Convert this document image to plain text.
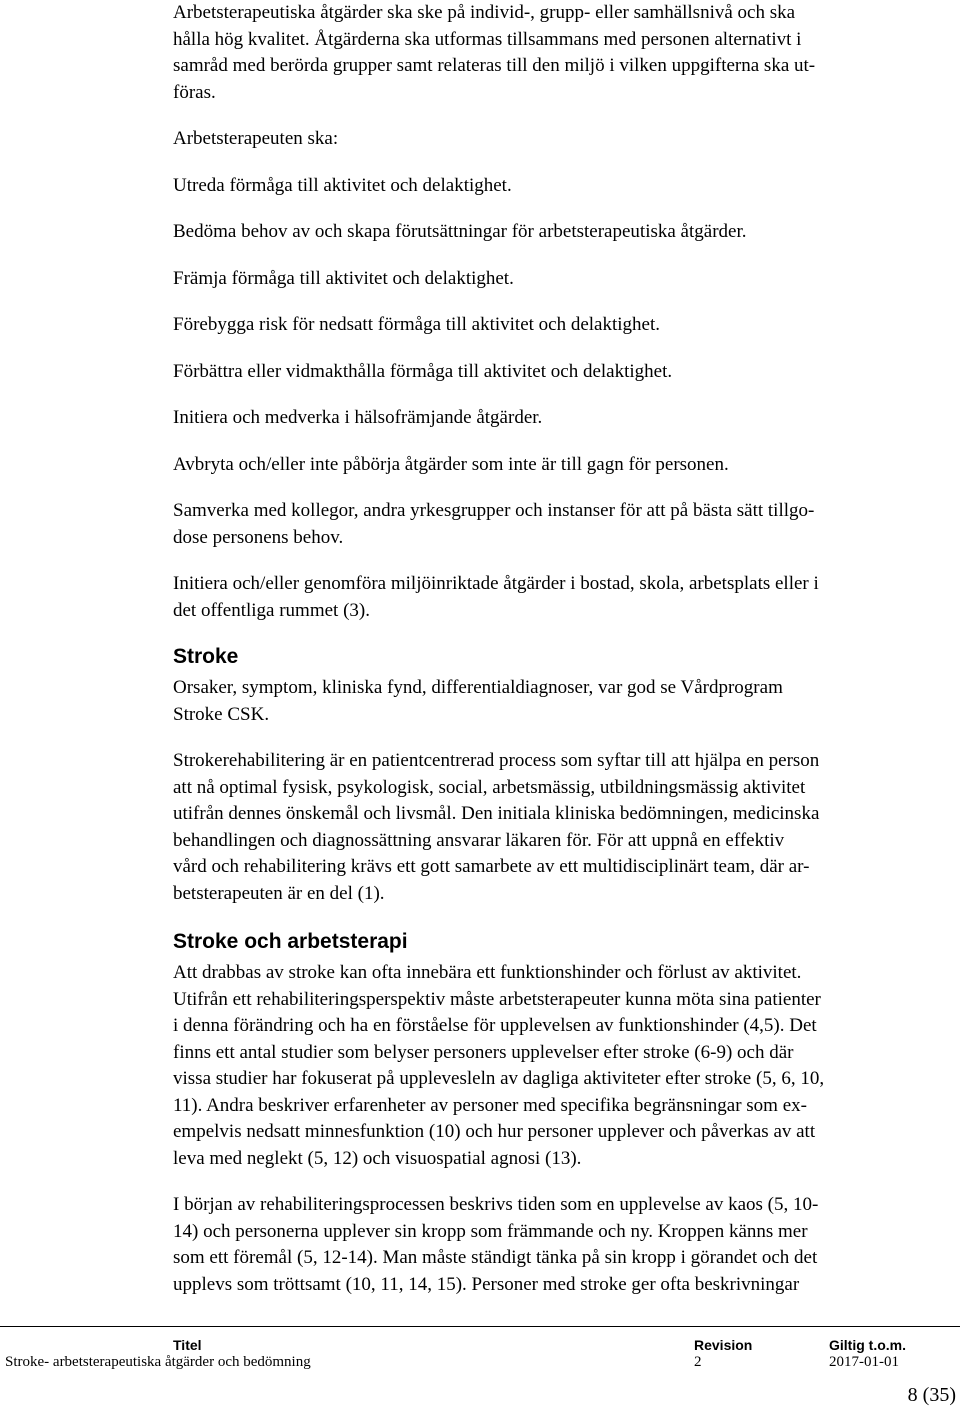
Arbetsterapeutiska åtgärder ska ske på individ-, grupp- eller samhällsnivå och ska
hålla hög kvalitet. Åtgärderna ska utformas tillsammans med personen alternativt i
samråd med berörda grupper samt relateras till den miljö i vilken uppgifterna ska ut-
föras.

Arbetsterapeuten ska:

Utreda förmåga till aktivitet och delaktighet.

Bedöma behov av och skapa förutsättningar för arbetsterapeutiska åtgärder.

Främja förmåga till aktivitet och delaktighet.

Förebygga risk för nedsatt förmåga till aktivitet och delaktighet.

Förbättra eller vidmakthålla förmåga till aktivitet och delaktighet.

Initiera och medverka i hälsofrämjande åtgärder.

Avbryta och/eller inte påbörja åtgärder som inte är till gagn för personen.

Samverka med kollegor, andra yrkesgrupper och instanser för att på bästa sätt tillgo-
dose personens behov.

Initiera och/eller genomföra miljöinriktade åtgärder i bostad, skola, arbetsplats eller i
det offentliga rummet (3).

Stroke

Orsaker, symptom, kliniska fynd, differentialdiagnoser, var god se Vårdprogram
Stroke CSK.

Strokerehabilitering är en patientcentrerad process som syftar till att hjälpa en person
att nå optimal fysisk, psykologisk, social, arbetsmässig, utbildningsmässig aktivitet
utifrån dennes önskemål och livsmål. Den initiala kliniska bedömningen, medicinska
behandlingen och diagnossättning ansvarar läkaren för. För att uppnå en effektiv
vård och rehabilitering krävs ett gott samarbete av ett multidisciplinärt team, där ar-
betsterapeuten är en del (1).

Stroke och arbetsterapi

Att drabbas av stroke kan ofta innebära ett funktionshinder och förlust av aktivitet.
Utifrån ett rehabiliteringsperspektiv måste arbetsterapeuter kunna möta sina patienter
i denna förändring och ha en förståelse för upplevelsen av funktionshinder (4,5). Det
finns ett antal studier som belyser personers upplevelser efter stroke (6-9) och där
vissa studier har fokuserat på upplevesleln av dagliga aktiviteter efter stroke (5, 6, 10,
11). Andra beskriver erfarenheter av personer med specifika begränsningar som ex-
empelvis nedsatt minnesfunktion (10) och hur personer upplever och påverkas av att
leva med neglekt (5, 12) och visuospatial agnosi (13).

I början av rehabiliteringsprocessen beskrivs tiden som en upplevelse av kaos (5, 10-
14) och personerna upplever sin kropp som främmande och ny. Kroppen känns mer
som ett föremål (5, 12-14). Man måste ständigt tänka på sin kropp i görandet och det
upplevs som tröttsamt (10, 11, 14, 15). Personer med stroke ger ofta beskrivningar

Titel	Revision	Giltig t.o.m.
Stroke- arbetsterapeutiska åtgärder och bedömning	2	2017-01-01
8 (35)
